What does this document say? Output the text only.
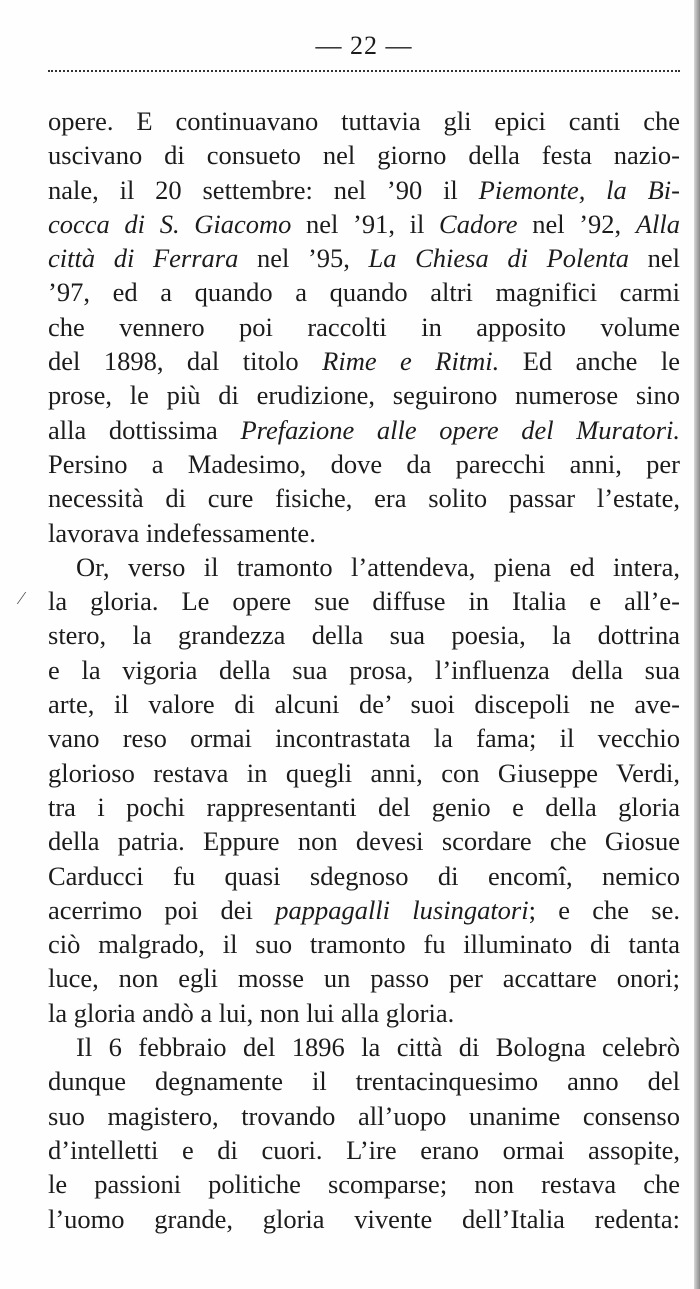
— 22 —
⁄
opere. E continuavano tuttavia gli epici canti che
uscivano di consueto nel giorno della festa nazio-
nale, il 20 settembre: nel ’90 il Piemonte, la Bi-
cocca di S. Giacomo nel ’91, il Cadore nel ’92, Alla
città di Ferrara nel ’95, La Chiesa di Polenta nel
’97, ed a quando a quando altri magnifici carmi
che vennero poi raccolti in apposito volume
del 1898, dal titolo Rime e Ritmi. Ed anche le
prose, le più di erudizione, seguirono numerose sino
alla dottissima Prefazione alle opere del Muratori.
Persino a Madesimo, dove da parecchi anni, per
necessità di cure fisiche, era solito passar l’estate,
lavorava indefessamente.
Or, verso il tramonto l’attendeva, piena ed intera,
la gloria. Le opere sue diffuse in Italia e all’e-
stero, la grandezza della sua poesia, la dottrina
e la vigoria della sua prosa, l’influenza della sua
arte, il valore di alcuni de’ suoi discepoli ne ave-
vano reso ormai incontrastata la fama; il vecchio
glorioso restava in quegli anni, con Giuseppe Verdi,
tra i pochi rappresentanti del genio e della gloria
della patria. Eppure non devesi scordare che Giosue
Carducci fu quasi sdegnoso di encomî, nemico
acerrimo poi dei pappagalli lusingatori; e che se.
ciò malgrado, il suo tramonto fu illuminato di tanta
luce, non egli mosse un passo per accattare onori;
la gloria andò a lui, non lui alla gloria.
Il 6 febbraio del 1896 la città di Bologna celebrò
dunque degnamente il trentacinquesimo anno del
suo magistero, trovando all’uopo unanime consenso
d’intelletti e di cuori. L’ire erano ormai assopite,
le passioni politiche scomparse; non restava che
l’uomo grande, gloria vivente dell’Italia redenta:
